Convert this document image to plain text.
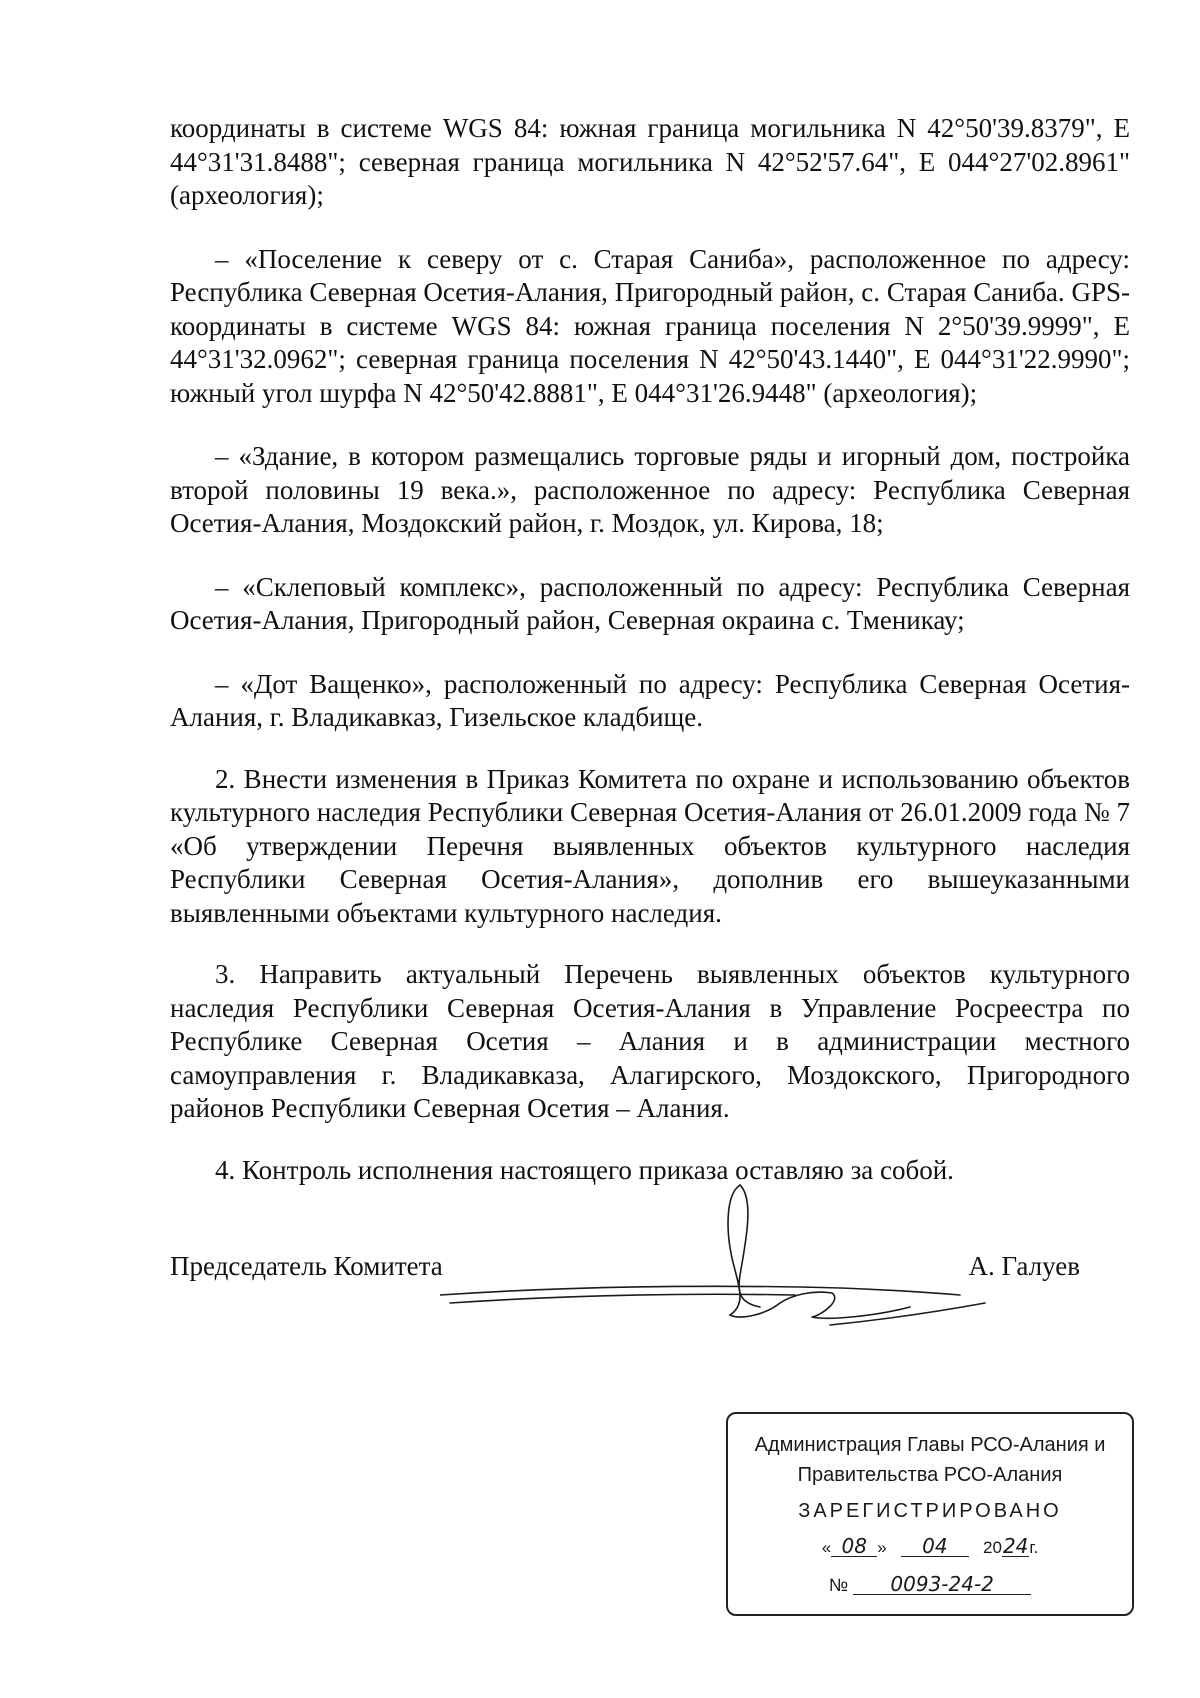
координаты в системе WGS 84: южная граница могильника N 42°50'39.8379", E 44°31'31.8488"; северная граница могильника N 42°52'57.64", E 044°27'02.8961" (археология);

– «Поселение к северу от с. Старая Саниба», расположенное по адресу: Республика Северная Осетия-Алания, Пригородный район, с. Старая Саниба. GPS-координаты в системе WGS 84: южная граница поселения N 2°50'39.9999", E 44°31'32.0962"; северная граница поселения N 42°50'43.1440", E 044°31'22.9990"; южный угол шурфа N 42°50'42.8881", E 044°31'26.9448" (археология);

– «Здание, в котором размещались торговые ряды и игорный дом, постройка второй половины 19 века.», расположенное по адресу: Республика Северная Осетия-Алания, Моздокский район, г. Моздок, ул. Кирова, 18;

– «Склеповый комплекс», расположенный по адресу: Республика Северная Осетия-Алания, Пригородный район, Северная окраина с. Тменикау;

– «Дот Ващенко», расположенный по адресу: Республика Северная Осетия-Алания, г. Владикавказ, Гизельское кладбище.

2. Внести изменения в Приказ Комитета по охране и использованию объектов культурного наследия Республики Северная Осетия-Алания от 26.01.2009 года № 7 «Об утверждении Перечня выявленных объектов культурного наследия Республики Северная Осетия-Алания», дополнив его вышеуказанными выявленными объектами культурного наследия.

3. Направить актуальный Перечень выявленных объектов культурного наследия Республики Северная Осетия-Алания в Управление Росреестра по Республике Северная Осетия – Алания и в администрации местного самоуправления г. Владикавказа, Алагирского, Моздокского, Пригородного районов Республики Северная Осетия – Алания.

4. Контроль исполнения настоящего приказа оставляю за собой.

Председатель Комитета	А. Галуев
Администрация Главы РСО-Алания и
Правительства РСО-Алания
ЗАРЕГИСТРИРОВАНО
« 08 » 04 2024г.
№ 0093-24-2
